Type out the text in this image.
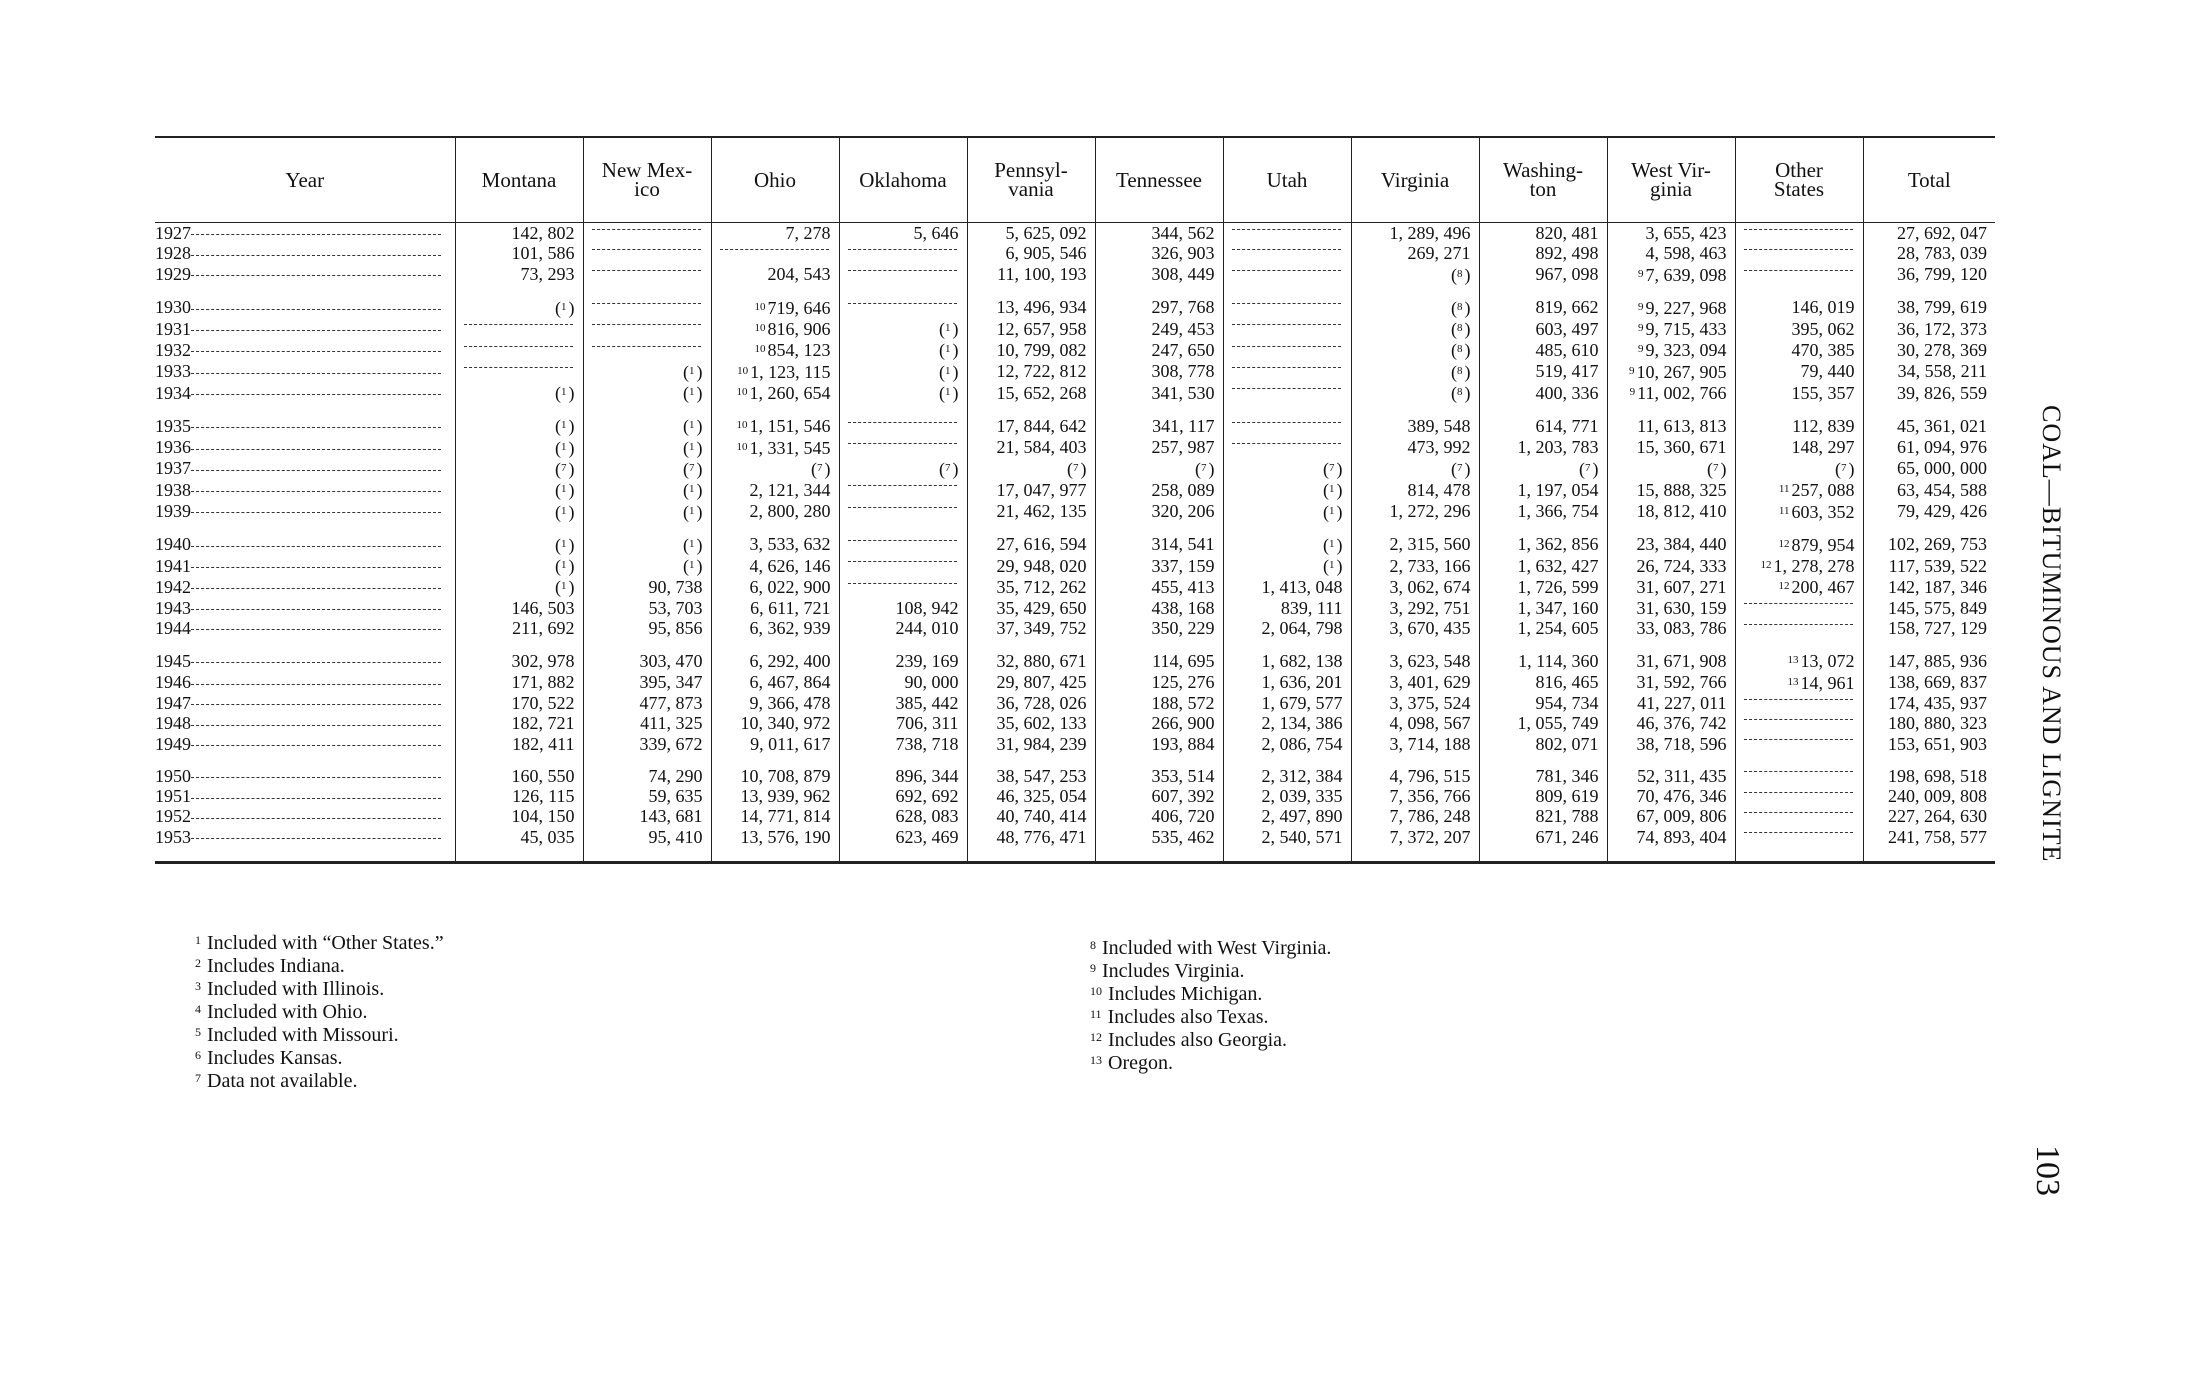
Year	Montana	New Mex-
ico	Ohio	Oklahoma	Pennsyl-
vania	Tennessee	Utah	Virginia	Washing-
ton	West Vir-
ginia	Other
States	Total
1927	142, 802		7, 278	5, 646	5, 625, 092	344, 562		1, 289, 496	820, 481	3, 655, 423		27, 692, 047
1928	101, 586				6, 905, 546	326, 903		269, 271	892, 498	4, 598, 463		28, 783, 039
1929	73, 293		204, 543		11, 100, 193	308, 449		($^8$ )	967, 098	$^9$ 7, 639, 098		36, 799, 120
1930	($^1$ )		$^{10}$ 719, 646		13, 496, 934	297, 768		($^8$ )	819, 662	$^9$ 9, 227, 968	146, 019	38, 799, 619
1931			$^{10}$ 816, 906	($^1$ )	12, 657, 958	249, 453		($^8$ )	603, 497	$^9$ 9, 715, 433	395, 062	36, 172, 373
1932			$^{10}$ 854, 123	($^1$ )	10, 799, 082	247, 650		($^8$ )	485, 610	$^9$ 9, 323, 094	470, 385	30, 278, 369
1933		($^1$ )	$^{10}$ 1, 123, 115	($^1$ )	12, 722, 812	308, 778		($^8$ )	519, 417	$^9$ 10, 267, 905	79, 440	34, 558, 211
1934	($^1$ )	($^1$ )	$^{10}$ 1, 260, 654	($^1$ )	15, 652, 268	341, 530		($^8$ )	400, 336	$^9$ 11, 002, 766	155, 357	39, 826, 559
1935	($^1$ )	($^1$ )	$^{10}$ 1, 151, 546		17, 844, 642	341, 117		389, 548	614, 771	11, 613, 813	112, 839	45, 361, 021
1936	($^1$ )	($^1$ )	$^{10}$ 1, 331, 545		21, 584, 403	257, 987		473, 992	1, 203, 783	15, 360, 671	148, 297	61, 094, 976
1937	($^7$ )	($^7$ )	($^7$ )	($^7$ )	($^7$ )	($^7$ )	($^7$ )	($^7$ )	($^7$ )	($^7$ )	($^7$ )	65, 000, 000
1938	($^1$ )	($^1$ )	2, 121, 344		17, 047, 977	258, 089	($^1$ )	814, 478	1, 197, 054	15, 888, 325	$^{11}$ 257, 088	63, 454, 588
1939	($^1$ )	($^1$ )	2, 800, 280		21, 462, 135	320, 206	($^1$ )	1, 272, 296	1, 366, 754	18, 812, 410	$^{11}$ 603, 352	79, 429, 426
1940	($^1$ )	($^1$ )	3, 533, 632		27, 616, 594	314, 541	($^1$ )	2, 315, 560	1, 362, 856	23, 384, 440	$^{12}$ 879, 954	102, 269, 753
1941	($^1$ )	($^1$ )	4, 626, 146		29, 948, 020	337, 159	($^1$ )	2, 733, 166	1, 632, 427	26, 724, 333	$^{12}$ 1, 278, 278	117, 539, 522
1942	($^1$ )	90, 738	6, 022, 900		35, 712, 262	455, 413	1, 413, 048	3, 062, 674	1, 726, 599	31, 607, 271	$^{12}$ 200, 467	142, 187, 346
1943	146, 503	53, 703	6, 611, 721	108, 942	35, 429, 650	438, 168	839, 111	3, 292, 751	1, 347, 160	31, 630, 159		145, 575, 849
1944	211, 692	95, 856	6, 362, 939	244, 010	37, 349, 752	350, 229	2, 064, 798	3, 670, 435	1, 254, 605	33, 083, 786		158, 727, 129
1945	302, 978	303, 470	6, 292, 400	239, 169	32, 880, 671	114, 695	1, 682, 138	3, 623, 548	1, 114, 360	31, 671, 908	$^{13}$ 13, 072	147, 885, 936
1946	171, 882	395, 347	6, 467, 864	90, 000	29, 807, 425	125, 276	1, 636, 201	3, 401, 629	816, 465	31, 592, 766	$^{13}$ 14, 961	138, 669, 837
1947	170, 522	477, 873	9, 366, 478	385, 442	36, 728, 026	188, 572	1, 679, 577	3, 375, 524	954, 734	41, 227, 011		174, 435, 937
1948	182, 721	411, 325	10, 340, 972	706, 311	35, 602, 133	266, 900	2, 134, 386	4, 098, 567	1, 055, 749	46, 376, 742		180, 880, 323
1949	182, 411	339, 672	9, 011, 617	738, 718	31, 984, 239	193, 884	2, 086, 754	3, 714, 188	802, 071	38, 718, 596		153, 651, 903
1950	160, 550	74, 290	10, 708, 879	896, 344	38, 547, 253	353, 514	2, 312, 384	4, 796, 515	781, 346	52, 311, 435		198, 698, 518
1951	126, 115	59, 635	13, 939, 962	692, 692	46, 325, 054	607, 392	2, 039, 335	7, 356, 766	809, 619	70, 476, 346		240, 009, 808
1952	104, 150	143, 681	14, 771, 814	628, 083	40, 740, 414	406, 720	2, 497, 890	7, 786, 248	821, 788	67, 009, 806		227, 264, 630
1953	45, 035	95, 410	13, 576, 190	623, 469	48, 776, 471	535, 462	2, 540, 571	7, 372, 207	671, 246	74, 893, 404		241, 758, 577
$^1$ Included with “Other States.”
$^2$ Includes Indiana.
$^3$ Included with Illinois.
$^4$ Included with Ohio.
$^5$ Included with Missouri.
$^6$ Includes Kansas.
$^7$ Data not available.
$^8$ Included with West Virginia.
$^9$ Includes Virginia.
$^{10}$ Includes Michigan.
$^{11}$ Includes also Texas.
$^{12}$ Includes also Georgia.
$^{13}$ Oregon.
COAL—BITUMINOUS AND LIGNITE
103
